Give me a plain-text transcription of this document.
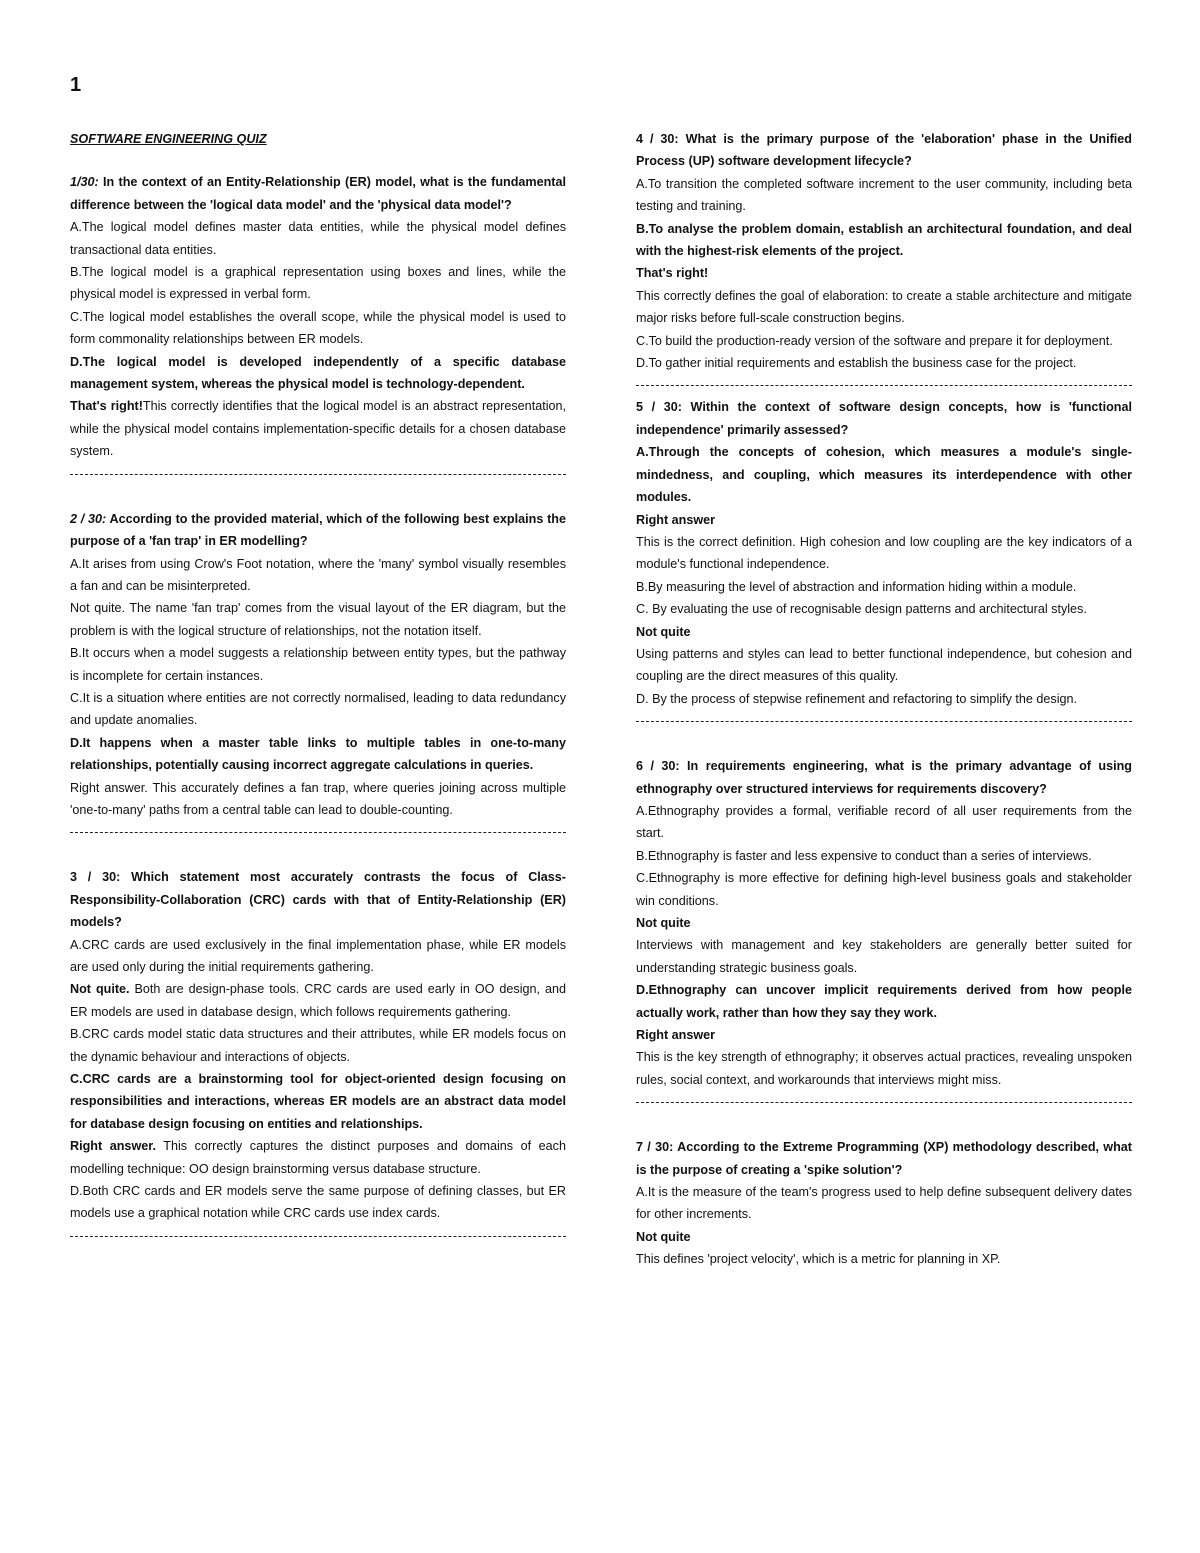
1
SOFTWARE ENGINEERING QUIZ

1/30: In the context of an Entity-Relationship (ER) model, what is the fundamental difference between the 'logical data model' and the 'physical data model'?

A.The logical model defines master data entities, while the physical model defines transactional data entities.

B.The logical model is a graphical representation using boxes and lines, while the physical model is expressed in verbal form.

C.The logical model establishes the overall scope, while the physical model is used to form commonality relationships between ER models.

D.The logical model is developed independently of a specific database management system, whereas the physical model is technology-dependent.

That's right!This correctly identifies that the logical model is an abstract representation, while the physical model contains implementation-specific details for a chosen database system.

2 / 30: According to the provided material, which of the following best explains the purpose of a 'fan trap' in ER modelling?

A.It arises from using Crow's Foot notation, where the 'many' symbol visually resembles a fan and can be misinterpreted.

Not quite. The name 'fan trap' comes from the visual layout of the ER diagram, but the problem is with the logical structure of relationships, not the notation itself.

B.It occurs when a model suggests a relationship between entity types, but the pathway is incomplete for certain instances.

C.It is a situation where entities are not correctly normalised, leading to data redundancy and update anomalies.

D.It happens when a master table links to multiple tables in one-to-many relationships, potentially causing incorrect aggregate calculations in queries.

Right answer. This accurately defines a fan trap, where queries joining across multiple 'one-to-many' paths from a central table can lead to double-counting.

3 / 30: Which statement most accurately contrasts the focus of Class-Responsibility-Collaboration (CRC) cards with that of Entity-Relationship (ER) models?

A.CRC cards are used exclusively in the final implementation phase, while ER models are used only during the initial requirements gathering.

Not quite. Both are design-phase tools. CRC cards are used early in OO design, and ER models are used in database design, which follows requirements gathering.

B.CRC cards model static data structures and their attributes, while ER models focus on the dynamic behaviour and interactions of objects.

C.CRC cards are a brainstorming tool for object-oriented design focusing on responsibilities and interactions, whereas ER models are an abstract data model for database design focusing on entities and relationships.

Right answer. This correctly captures the distinct purposes and domains of each modelling technique: OO design brainstorming versus database structure.

D.Both CRC cards and ER models serve the same purpose of defining classes, but ER models use a graphical notation while CRC cards use index cards.

4 / 30: What is the primary purpose of the 'elaboration' phase in the Unified Process (UP) software development lifecycle?

A.To transition the completed software increment to the user community, including beta testing and training.

B.To analyse the problem domain, establish an architectural foundation, and deal with the highest-risk elements of the project.

That's right!

This correctly defines the goal of elaboration: to create a stable architecture and mitigate major risks before full-scale construction begins.

C.To build the production-ready version of the software and prepare it for deployment.

D.To gather initial requirements and establish the business case for the project.

5 / 30: Within the context of software design concepts, how is 'functional independence' primarily assessed?

A.Through the concepts of cohesion, which measures a module's single-mindedness, and coupling, which measures its interdependence with other modules.

Right answer

This is the correct definition. High cohesion and low coupling are the key indicators of a module's functional independence.

B.By measuring the level of abstraction and information hiding within a module.

C. By evaluating the use of recognisable design patterns and architectural styles.

Not quite

Using patterns and styles can lead to better functional independence, but cohesion and coupling are the direct measures of this quality.

D. By the process of stepwise refinement and refactoring to simplify the design.

6 / 30: In requirements engineering, what is the primary advantage of using ethnography over structured interviews for requirements discovery?

A.Ethnography provides a formal, verifiable record of all user requirements from the start.

B.Ethnography is faster and less expensive to conduct than a series of interviews.

C.Ethnography is more effective for defining high-level business goals and stakeholder win conditions.

Not quite

Interviews with management and key stakeholders are generally better suited for understanding strategic business goals.

D.Ethnography can uncover implicit requirements derived from how people actually work, rather than how they say they work.

Right answer

This is the key strength of ethnography; it observes actual practices, revealing unspoken rules, social context, and workarounds that interviews might miss.

7 / 30: According to the Extreme Programming (XP) methodology described, what is the purpose of creating a 'spike solution'?

A.It is the measure of the team's progress used to help define subsequent delivery dates for other increments.

Not quite

This defines 'project velocity', which is a metric for planning in XP.
